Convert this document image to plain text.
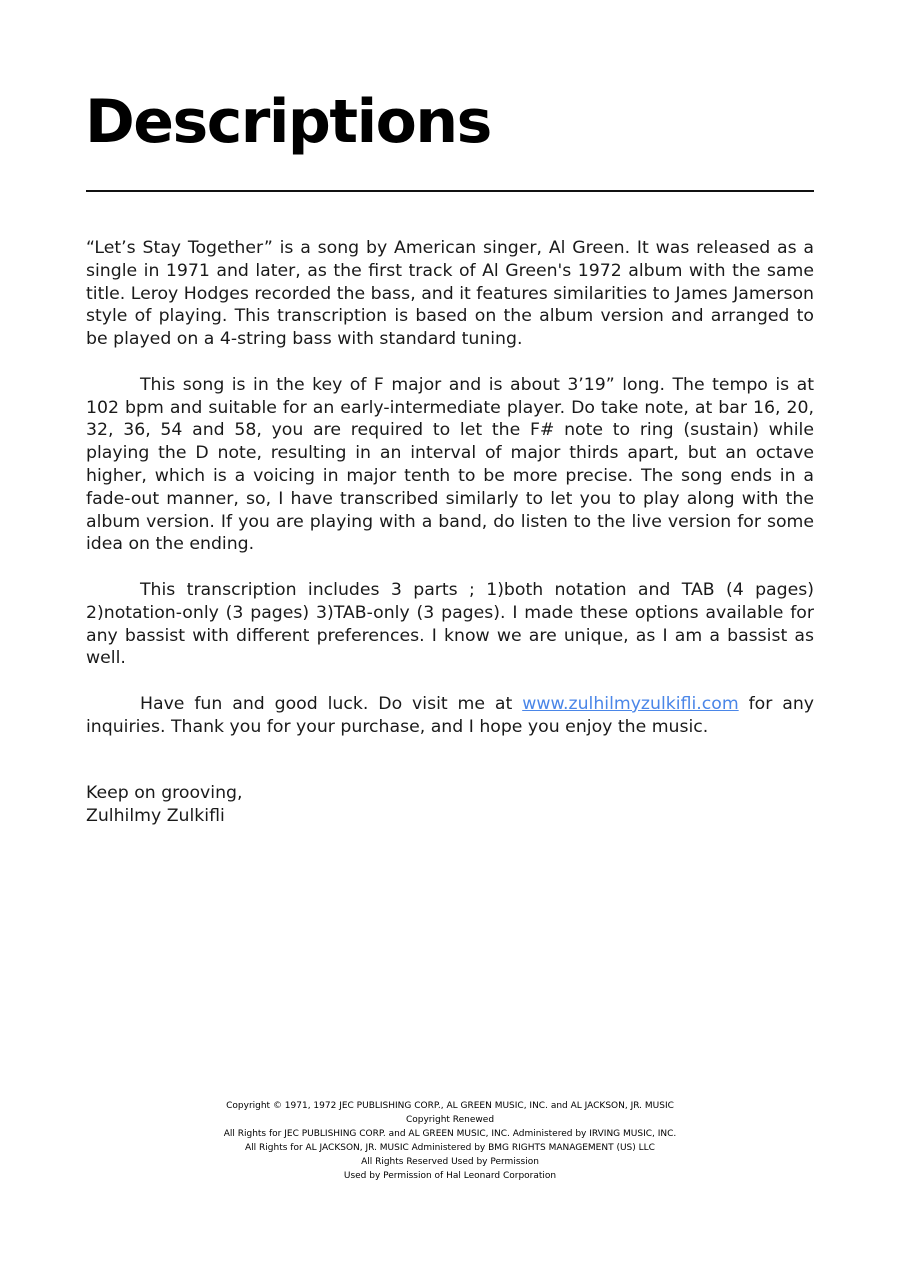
Descriptions

“Let’s Stay Together” is a song by American singer, Al Green. It was released as a single in 1971 and later, as the first track of Al Green's 1972 album with the same title. Leroy Hodges recorded the bass, and it features similarities to James Jamerson style of playing. This transcription is based on the album version and arranged to be played on a 4-string bass with standard tuning.

This song is in the key of F major and is about 3’19” long. The tempo is at 102 bpm and suitable for an early-intermediate player. Do take note, at bar 16, 20, 32, 36, 54 and 58, you are required to let the F# note to ring (sustain) while playing the D note, resulting in an interval of major thirds apart, but an octave higher, which is a voicing in major tenth to be more precise. The song ends in a fade-out manner, so, I have transcribed similarly to let you to play along with the album version. If you are playing with a band, do listen to the live version for some idea on the ending.

This transcription includes 3 parts ; 1)both notation and TAB (4 pages) 2)notation-only (3 pages) 3)TAB-only (3 pages). I made these options available for any bassist with different preferences. I know we are unique, as I am a bassist as well.

Have fun and good luck. Do visit me at www.zulhilmyzulkifli.com for any inquiries. Thank you for your purchase, and I hope you enjoy the music.

Keep on grooving,
Zulhilmy Zulkifli
Copyright © 1971, 1972 JEC PUBLISHING CORP., AL GREEN MUSIC, INC. and AL JACKSON, JR. MUSIC
Copyright Renewed
All Rights for JEC PUBLISHING CORP. and AL GREEN MUSIC, INC. Administered by IRVING MUSIC, INC.
All Rights for AL JACKSON, JR. MUSIC Administered by BMG RIGHTS MANAGEMENT (US) LLC
All Rights Reserved Used by Permission
Used by Permission of Hal Leonard Corporation
